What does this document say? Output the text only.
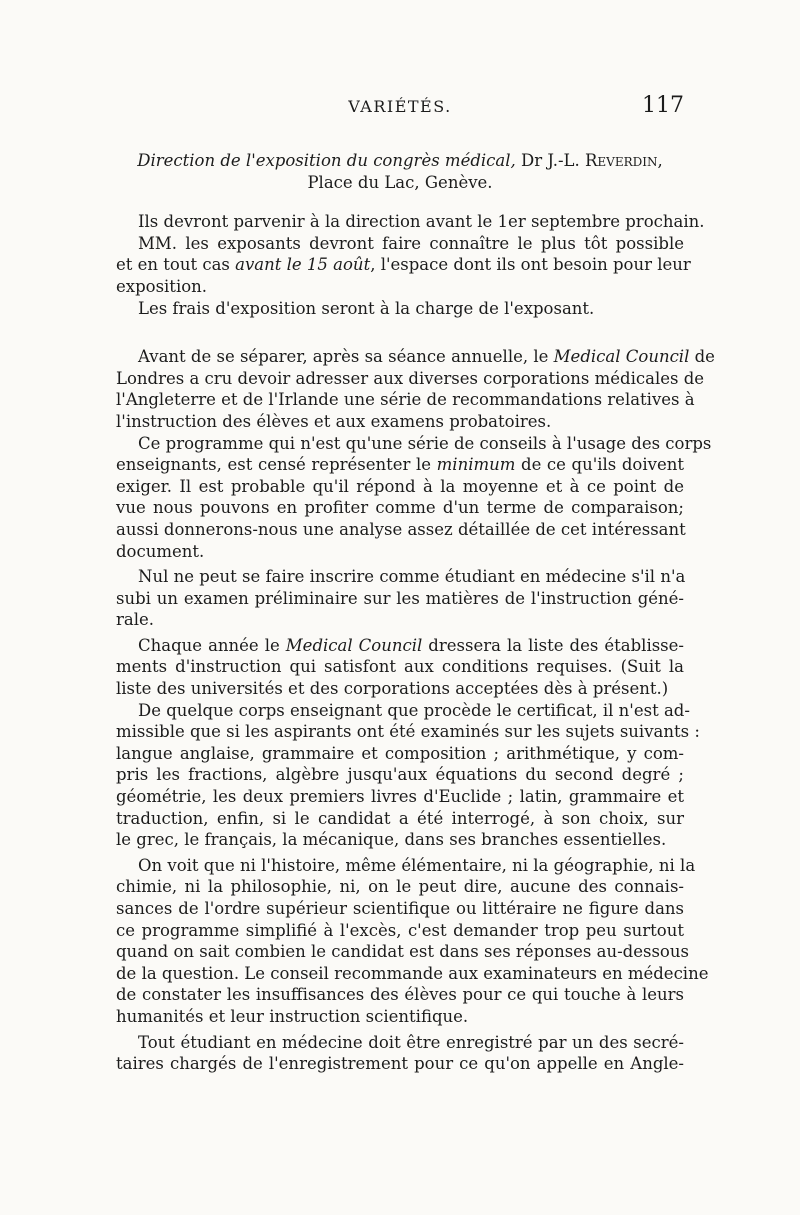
VARIÉTÉS.	117

Direction de l'exposition du congrès médical, Dr J.-L. Reverdin,
Place du Lac, Genève.

Ils devront parvenir à la direction avant le 1er septembre prochain.

MM. les exposants devront faire connaître le plus tôt possible
et en tout cas avant le 15 août, l'espace dont ils ont besoin pour leur
exposition.

Les frais d'exposition seront à la charge de l'exposant.

Avant de se séparer, après sa séance annuelle, le Medical Council de
Londres a cru devoir adresser aux diverses corporations médicales de
l'Angleterre et de l'Irlande une série de recommandations relatives à
l'instruction des élèves et aux examens probatoires.

Ce programme qui n'est qu'une série de conseils à l'usage des corps
enseignants, est censé représenter le minimum de ce qu'ils doivent
exiger. Il est probable qu'il répond à la moyenne et à ce point de
vue nous pouvons en profiter comme d'un terme de comparaison;
aussi donnerons-nous une analyse assez détaillée de cet intéressant
document.

Nul ne peut se faire inscrire comme étudiant en médecine s'il n'a
subi un examen préliminaire sur les matières de l'instruction géné-
rale.

Chaque année le Medical Council dressera la liste des établisse-
ments d'instruction qui satisfont aux conditions requises. (Suit la
liste des universités et des corporations acceptées dès à présent.)

De quelque corps enseignant que procède le certificat, il n'est ad-
missible que si les aspirants ont été examinés sur les sujets suivants :
langue anglaise, grammaire et composition ; arithmétique, y com-
pris les fractions, algèbre jusqu'aux équations du second degré ;
géométrie, les deux premiers livres d'Euclide ; latin, grammaire et
traduction, enfin, si le candidat a été interrogé, à son choix, sur
le grec, le français, la mécanique, dans ses branches essentielles.

On voit que ni l'histoire, même élémentaire, ni la géographie, ni la
chimie, ni la philosophie, ni, on le peut dire, aucune des connais-
sances de l'ordre supérieur scientifique ou littéraire ne figure dans
ce programme simplifié à l'excès, c'est demander trop peu surtout
quand on sait combien le candidat est dans ses réponses au-dessous
de la question. Le conseil recommande aux examinateurs en médecine
de constater les insuffisances des élèves pour ce qui touche à leurs
humanités et leur instruction scientifique.

Tout étudiant en médecine doit être enregistré par un des secré-
taires chargés de l'enregistrement pour ce qu'on appelle en Angle-
